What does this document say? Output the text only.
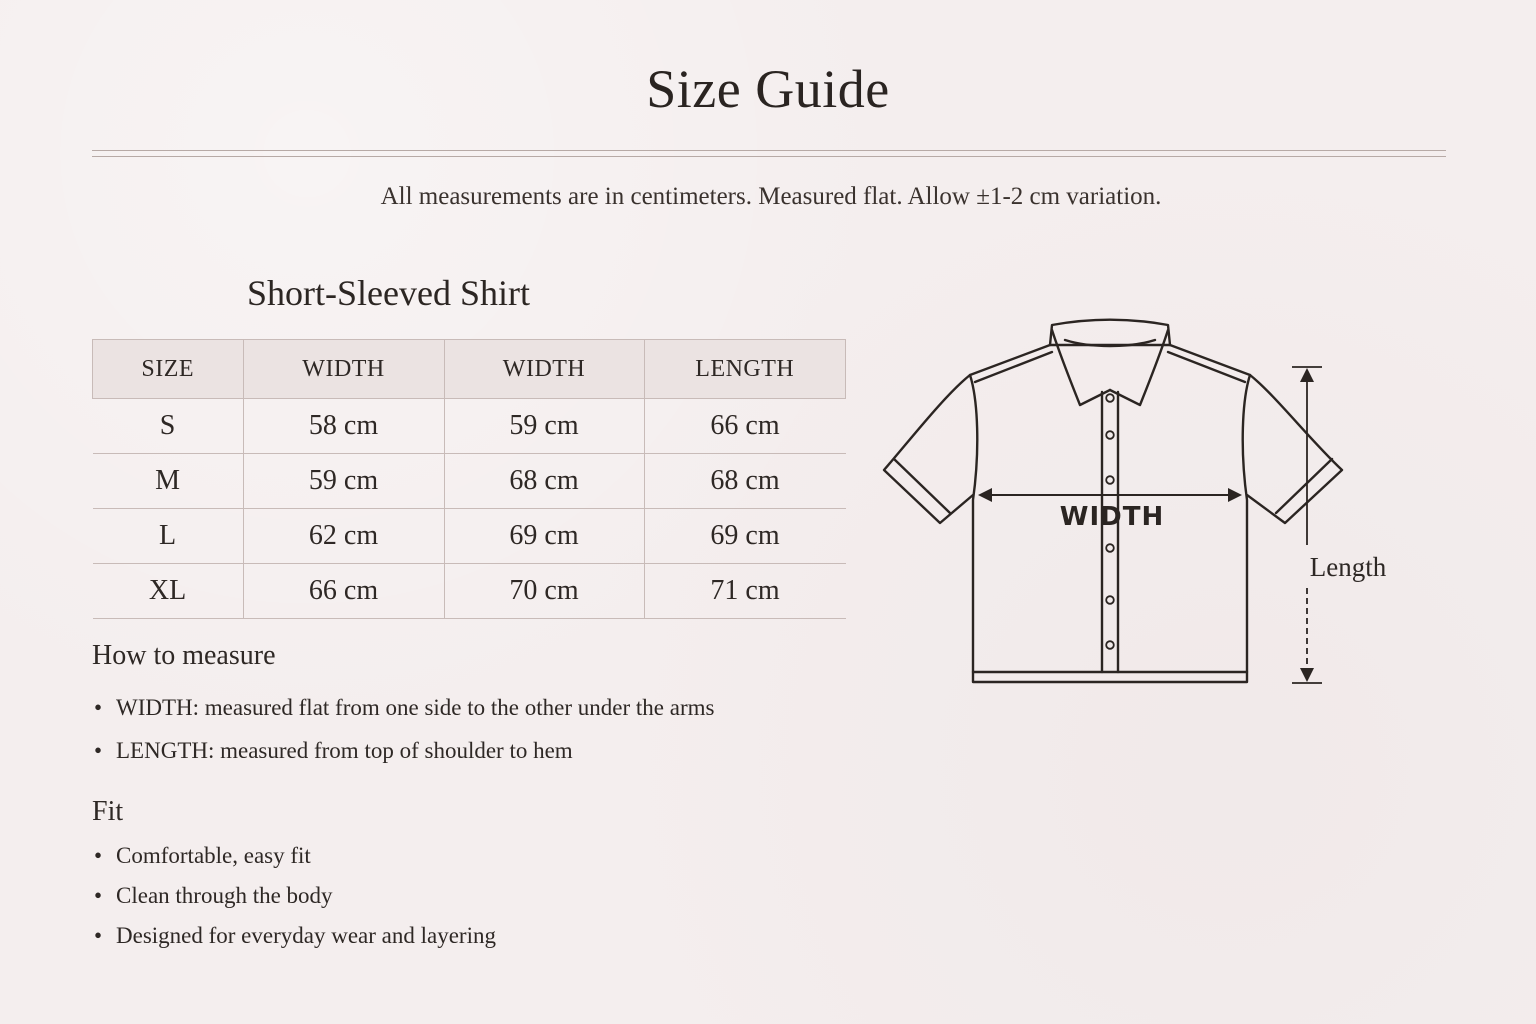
Size Guide
All measurements are in centimeters. Measured flat. Allow ±1-2 cm variation.
Short-Sleeved Shirt
SIZE	WIDTH	WIDTH	LENGTH
S	58 cm	59 cm	66 cm
M	59 cm	68 cm	68 cm
L	62 cm	69 cm	69 cm
XL	66 cm	70 cm	71 cm
How to measure
• WIDTH: measured flat from one side to the other under the arms
• LENGTH: measured from top of shoulder to hem
Fit
• Comfortable, easy fit
• Clean through the body
• Designed for everyday wear and layering
WIDTH
Length
